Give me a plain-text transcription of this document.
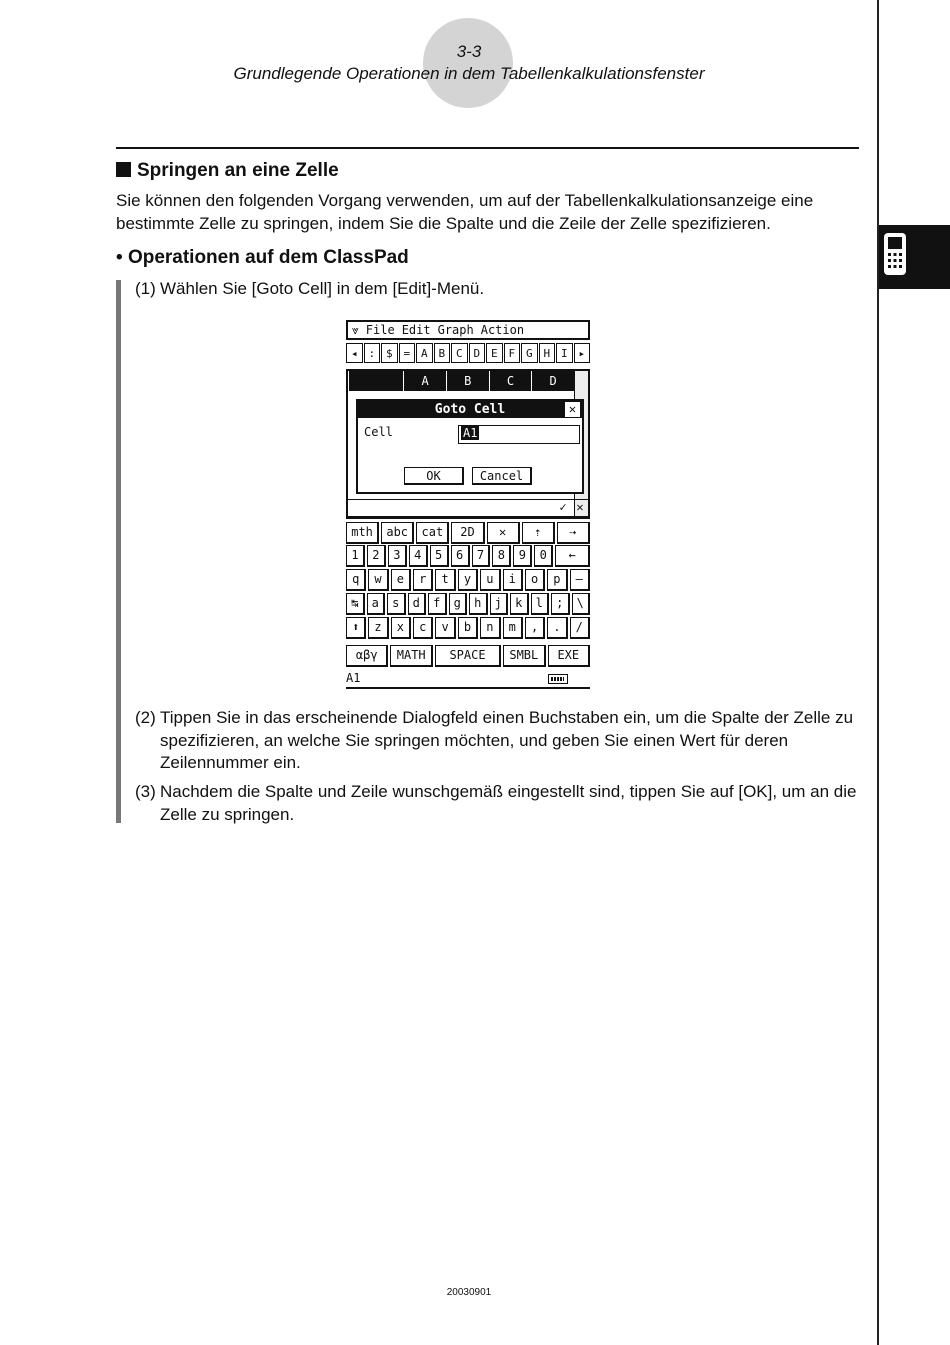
3-3
Grundlegende Operationen in dem Tabellenkalkulationsfenster
Springen an eine Zelle
Sie können den folgenden Vorgang verwenden, um auf der Tabellenkalkulationsanzeige eine bestimmte Zelle zu springen, indem Sie die Spalte und die Zeile der Zelle spezifizieren.
• Operationen auf dem ClassPad
(1) Wählen Sie [Goto Cell] in dem [Edit]-Menü.
⩔ File Edit Graph Action
◂ : $ = A B C D E F G H I ▸
A	B	C	D
Goto Cell	✕
Cell	A1
OK	Cancel
✓ ✕
mth	abc	cat	2D	✕	⇡	⇢
1	2	3	4	5	6	7	8	9	0	←
q	w	e	r	t	y	u	i	o	p	–
↹	a	s	d	f	g	h	j	k	l	;	\
⬆	z	x	c	v	b	n	m	,	.	/
αβγ	MATH	SPACE	SMBL	EXE
A1
(2) Tippen Sie in das erscheinende Dialogfeld einen Buchstaben ein, um die Spalte der Zelle zu spezifizieren, an welche Sie springen möchten, und geben Sie einen Wert für deren Zeilennummer ein.
(3) Nachdem die Spalte und Zeile wunschgemäß eingestellt sind, tippen Sie auf [OK], um an die Zelle zu springen.
20030901
